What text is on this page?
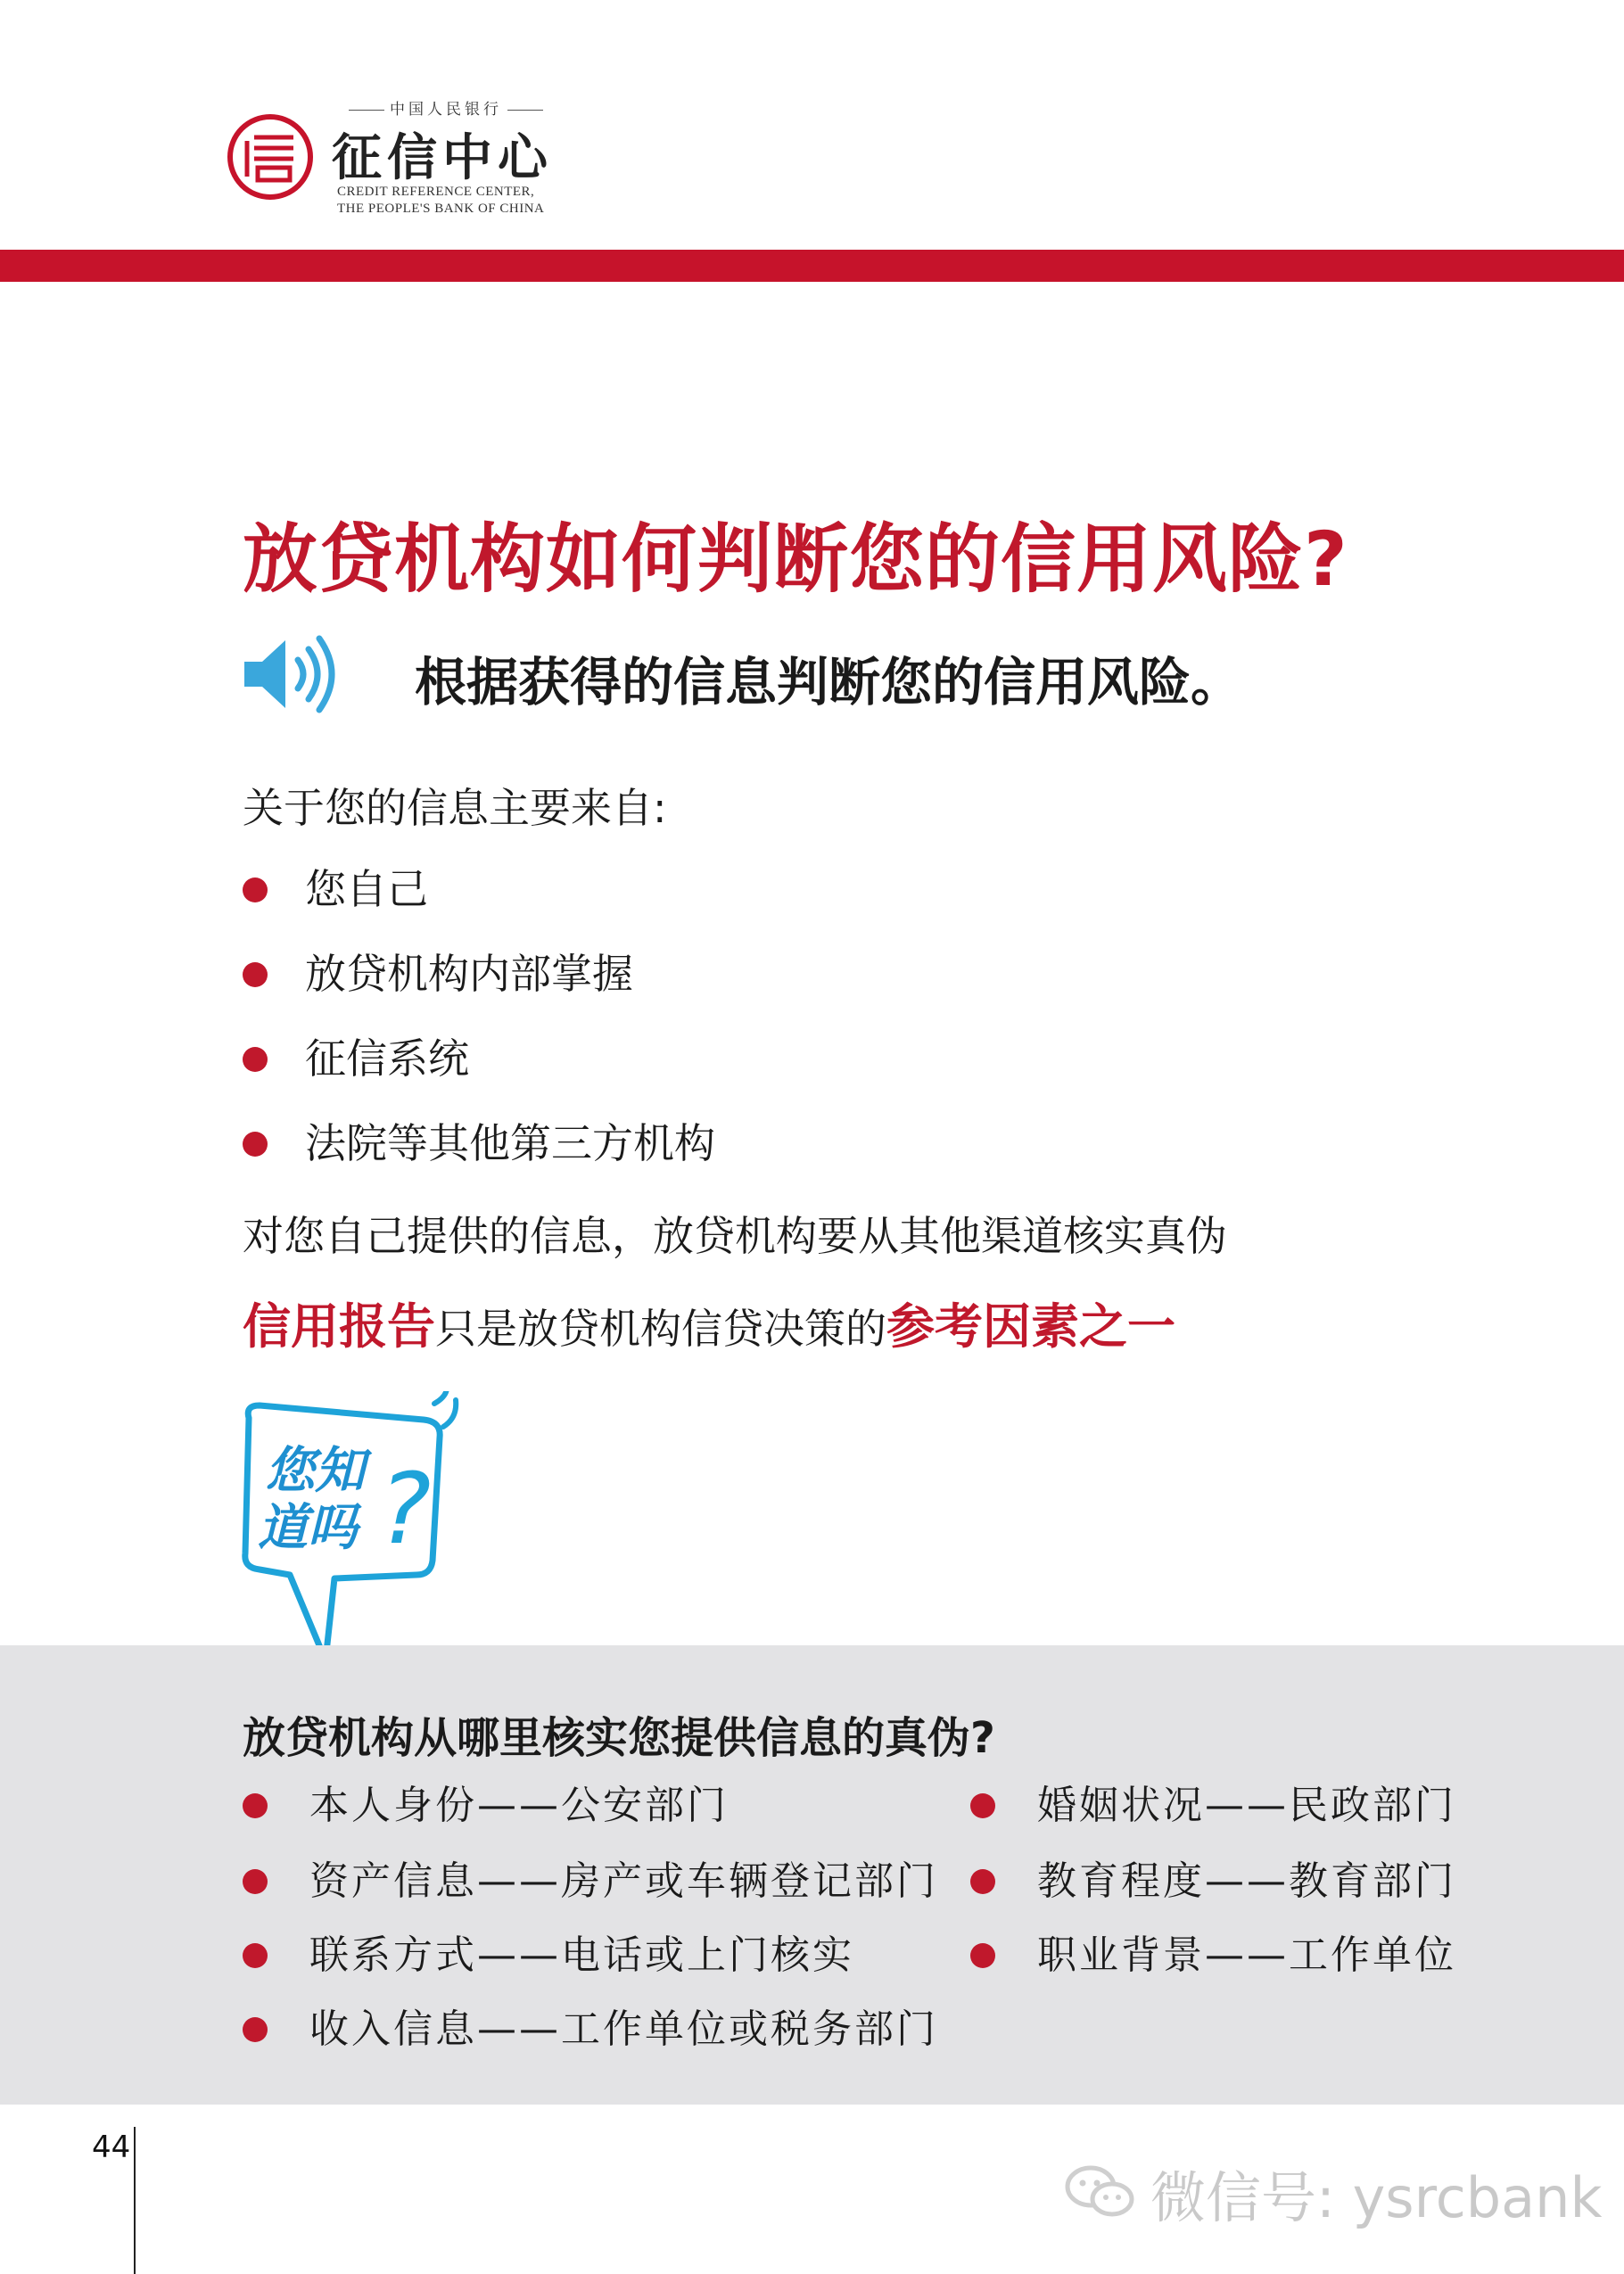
中国人民银行
征信中心
CREDIT REFERENCE CENTER,
THE PEOPLE'S BANK OF CHINA
放贷机构如何判断您的信用风险?
根据获得的信息判断您的信用风险。
关于您的信息主要来自:
您自己
放贷机构内部掌握
征信系统
法院等其他第三方机构
对您自己提供的信息，放贷机构要从其他渠道核实真伪
信用报告只是放贷机构信贷决策的参考因素之一
您知
道吗 ?
放贷机构从哪里核实您提供信息的真伪?
本人身份——公安部门
资产信息——房产或车辆登记部门
联系方式——电话或上门核实
收入信息——工作单位或税务部门
婚姻状况——民政部门
教育程度——教育部门
职业背景——工作单位
44
微信号: ysrcbank
